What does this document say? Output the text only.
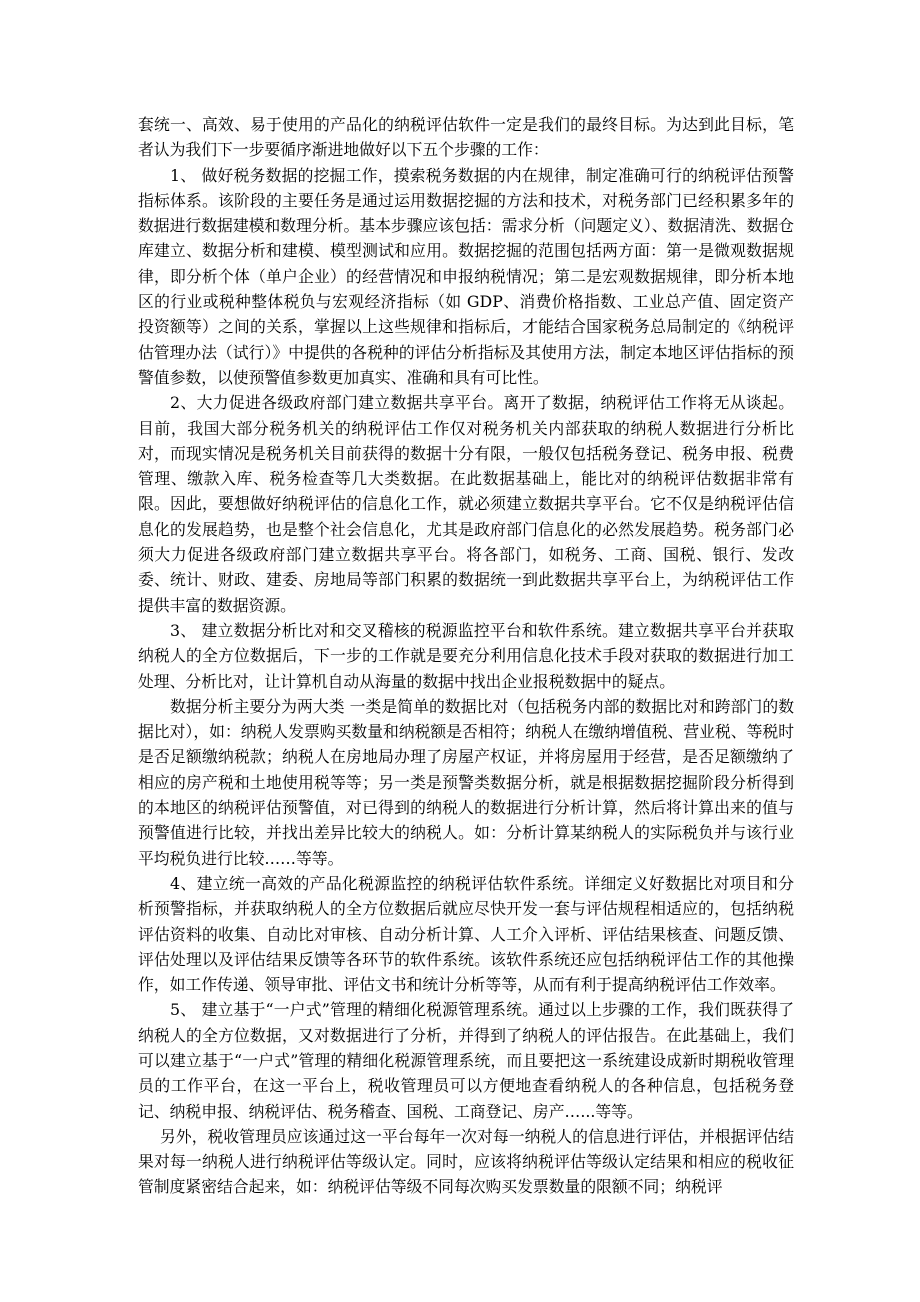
套统一、高效、易于使用的产品化的纳税评估软件一定是我们的最终目标。为达到此目标，笔者认为我们下一步要循序渐进地做好以下五个步骤的工作：

1、 做好税务数据的挖掘工作，摸索税务数据的内在规律，制定准确可行的纳税评估预警指标体系。该阶段的主要任务是通过运用数据挖掘的方法和技术，对税务部门已经积累多年的数据进行数据建模和数理分析。基本步骤应该包括：需求分析（问题定义）、数据清洗、数据仓库建立、数据分析和建模、模型测试和应用。数据挖掘的范围包括两方面：第一是微观数据规律，即分析个体（单户企业）的经营情况和申报纳税情况；第二是宏观数据规律，即分析本地区的行业或税种整体税负与宏观经济指标（如 GDP、消费价格指数、工业总产值、固定资产投资额等）之间的关系，掌握以上这些规律和指标后，才能结合国家税务总局制定的《纳税评估管理办法（试行）》中提供的各税种的评估分析指标及其使用方法，制定本地区评估指标的预警值参数，以使预警值参数更加真实、准确和具有可比性。

2、大力促进各级政府部门建立数据共享平台。离开了数据，纳税评估工作将无从谈起。目前，我国大部分税务机关的纳税评估工作仅对税务机关内部获取的纳税人数据进行分析比对，而现实情况是税务机关目前获得的数据十分有限，一般仅包括税务登记、税务申报、税费管理、缴款入库、税务检查等几大类数据。在此数据基础上，能比对的纳税评估数据非常有限。因此，要想做好纳税评估的信息化工作，就必须建立数据共享平台。它不仅是纳税评估信息化的发展趋势，也是整个社会信息化，尤其是政府部门信息化的必然发展趋势。税务部门必须大力促进各级政府部门建立数据共享平台。将各部门，如税务、工商、国税、银行、发改委、统计、财政、建委、房地局等部门积累的数据统一到此数据共享平台上，为纳税评估工作提供丰富的数据资源。

3、 建立数据分析比对和交叉稽核的税源监控平台和软件系统。建立数据共享平台并获取纳税人的全方位数据后，下一步的工作就是要充分利用信息化技术手段对获取的数据进行加工处理、分析比对，让计算机自动从海量的数据中找出企业报税数据中的疑点。

数据分析主要分为两大类 一类是简单的数据比对（包括税务内部的数据比对和跨部门的数据比对），如：纳税人发票购买数量和纳税额是否相符；纳税人在缴纳增值税、营业税、等税时是否足额缴纳税款；纳税人在房地局办理了房屋产权证，并将房屋用于经营，是否足额缴纳了相应的房产税和土地使用税等等；另一类是预警类数据分析，就是根据数据挖掘阶段分析得到的本地区的纳税评估预警值，对已得到的纳税人的数据进行分析计算，然后将计算出来的值与预警值进行比较，并找出差异比较大的纳税人。如：分析计算某纳税人的实际税负并与该行业平均税负进行比较……等等。

4、建立统一高效的产品化税源监控的纳税评估软件系统。详细定义好数据比对项目和分析预警指标，并获取纳税人的全方位数据后就应尽快开发一套与评估规程相适应的，包括纳税评估资料的收集、自动比对审核、自动分析计算、人工介入评析、评估结果核查、问题反馈、评估处理以及评估结果反馈等各环节的软件系统。该软件系统还应包括纳税评估工作的其他操作，如工作传递、领导审批、评估文书和统计分析等等，从而有利于提高纳税评估工作效率。

5、 建立基于“一户式”管理的精细化税源管理系统。通过以上步骤的工作，我们既获得了纳税人的全方位数据，又对数据进行了分析，并得到了纳税人的评估报告。在此基础上，我们可以建立基于“一户式”管理的精细化税源管理系统，而且要把这一系统建设成新时期税收管理员的工作平台，在这一平台上，税收管理员可以方便地查看纳税人的各种信息，包括税务登记、纳税申报、纳税评估、税务稽查、国税、工商登记、房产…...等等。

另外，税收管理员应该通过这一平台每年一次对每一纳税人的信息进行评估，并根据评估结果对每一纳税人进行纳税评估等级认定。同时，应该将纳税评估等级认定结果和相应的税收征管制度紧密结合起来，如：纳税评估等级不同每次购买发票数量的限额不同；纳税评
